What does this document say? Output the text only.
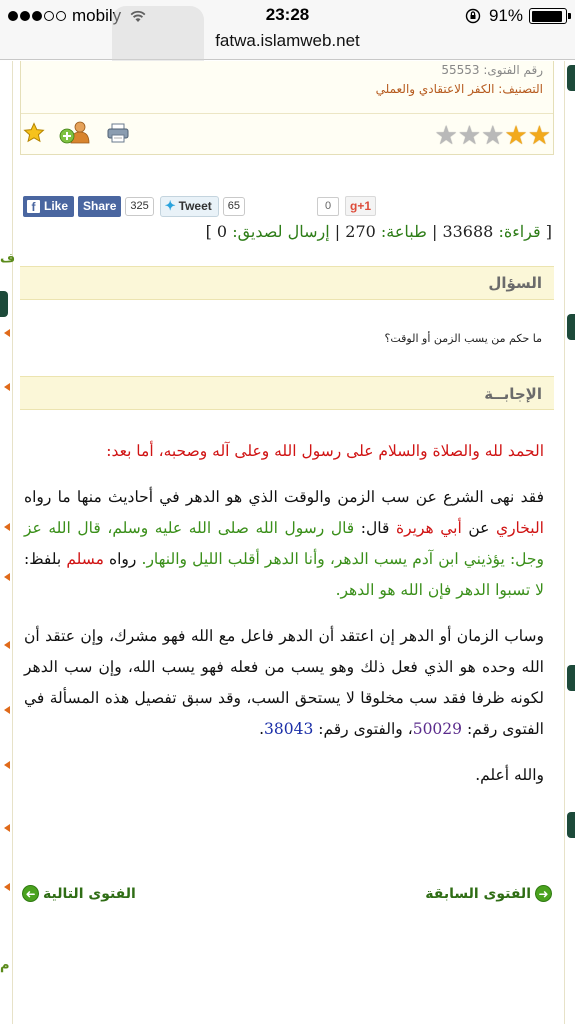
mobily	23:28	91%
fatwa.islamweb.net
ف
م
رقم الفتوى: 55553
التصنيف: الكفر الاعتقادي والعملي
★ ★ ★ ★ ★
f Like Share	325	✦ Tweet	65	0	g+1
[ قراءة: 33688 | طباعة: 270 | إرسال لصديق: 0 ]
السؤال
ما حكم من يسب الزمن أو الوقت؟
الإجابــة

الحمد لله والصلاة والسلام على رسول الله وعلى آله وصحبه، أما بعد:

فقد نهى الشرع عن سب الزمن والوقت الذي هو الدهر في أحاديث منها ما رواه البخاري عن أبي هريرة قال: قال رسول الله صلى الله عليه وسلم، قال الله عز وجل: يؤذيني ابن آدم يسب الدهر، وأنا الدهر أقلب الليل والنهار. رواه مسلم بلفظ: لا تسبوا الدهر فإن الله هو الدهر.

وساب الزمان أو الدهر إن اعتقد أن الدهر فاعل مع الله فهو مشرك، وإن عتقد أن الله وحده هو الذي فعل ذلك وهو يسب من فعله فهو يسب الله، وإن سب الدهر لكونه ظرفا فقد سب مخلوقا لا يستحق السب، وقد سبق تفصيل هذه المسألة في الفتوى رقم: 50029، والفتوى رقم: 38043.

والله أعلم.

➜
الفتوى السابقة
الفتوى التالية
➜
